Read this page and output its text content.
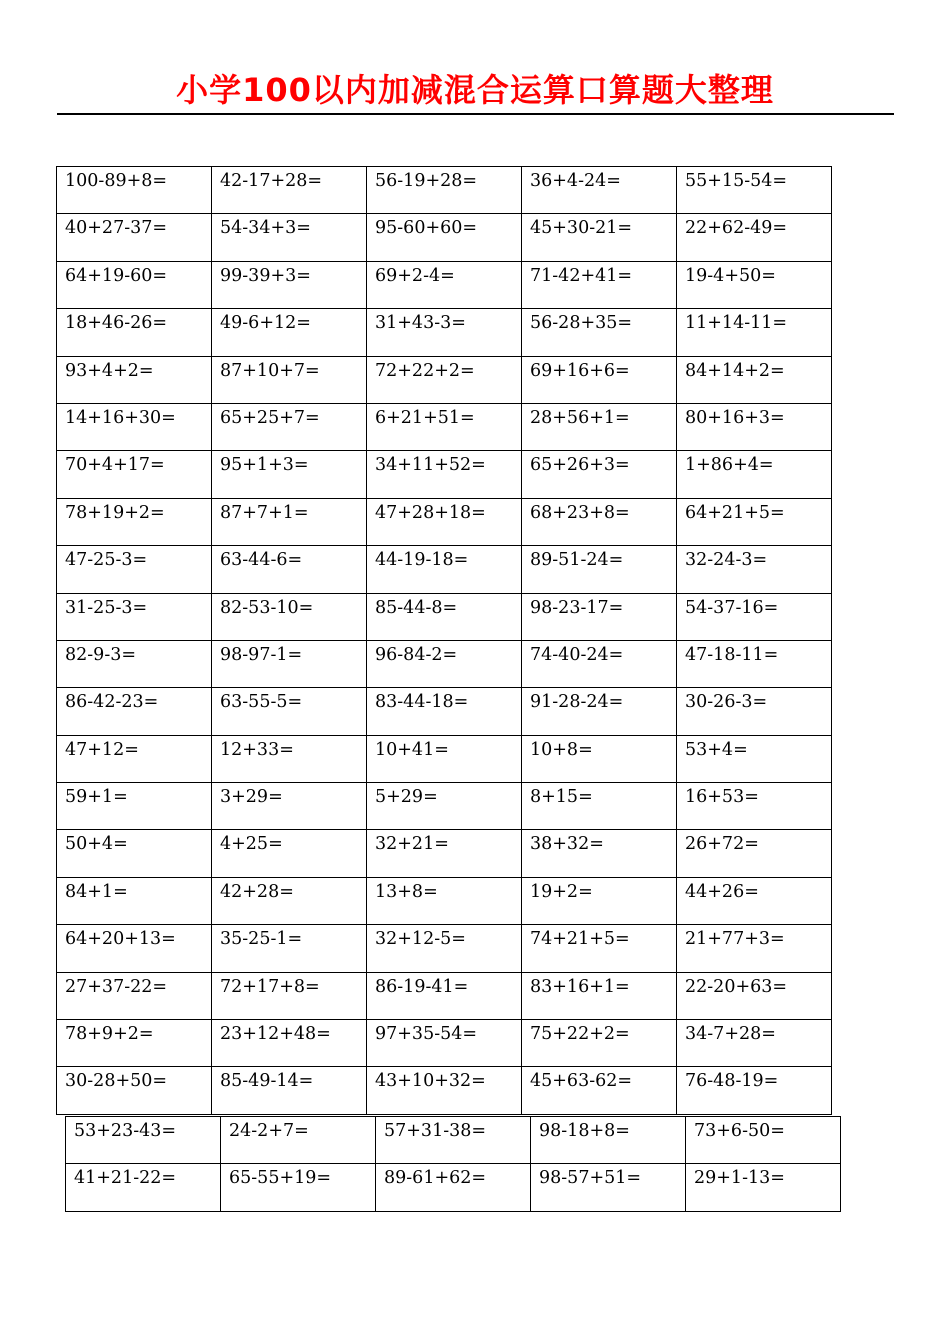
小学100以内加减混合运算口算题大整理
100-89+8=	42-17+28=	56-19+28=	36+4-24=	55+15-54=
40+27-37=	54-34+3=	95-60+60=	45+30-21=	22+62-49=
64+19-60=	99-39+3=	69+2-4=	71-42+41=	19-4+50=
18+46-26=	49-6+12=	31+43-3=	56-28+35=	11+14-11=
93+4+2=	87+10+7=	72+22+2=	69+16+6=	84+14+2=
14+16+30=	65+25+7=	6+21+51=	28+56+1=	80+16+3=
70+4+17=	95+1+3=	34+11+52=	65+26+3=	1+86+4=
78+19+2=	87+7+1=	47+28+18=	68+23+8=	64+21+5=
47-25-3=	63-44-6=	44-19-18=	89-51-24=	32-24-3=
31-25-3=	82-53-10=	85-44-8=	98-23-17=	54-37-16=
82-9-3=	98-97-1=	96-84-2=	74-40-24=	47-18-11=
86-42-23=	63-55-5=	83-44-18=	91-28-24=	30-26-3=
47+12=	12+33=	10+41=	10+8=	53+4=
59+1=	3+29=	5+29=	8+15=	16+53=
50+4=	4+25=	32+21=	38+32=	26+72=
84+1=	42+28=	13+8=	19+2=	44+26=
64+20+13=	35-25-1=	32+12-5=	74+21+5=	21+77+3=
27+37-22=	72+17+8=	86-19-41=	83+16+1=	22-20+63=
78+9+2=	23+12+48=	97+35-54=	75+22+2=	34-7+28=
30-28+50=	85-49-14=	43+10+32=	45+63-62=	76-48-19=
53+23-43=	24-2+7=	57+31-38=	98-18+8=	73+6-50=
41+21-22=	65-55+19=	89-61+62=	98-57+51=	29+1-13=
